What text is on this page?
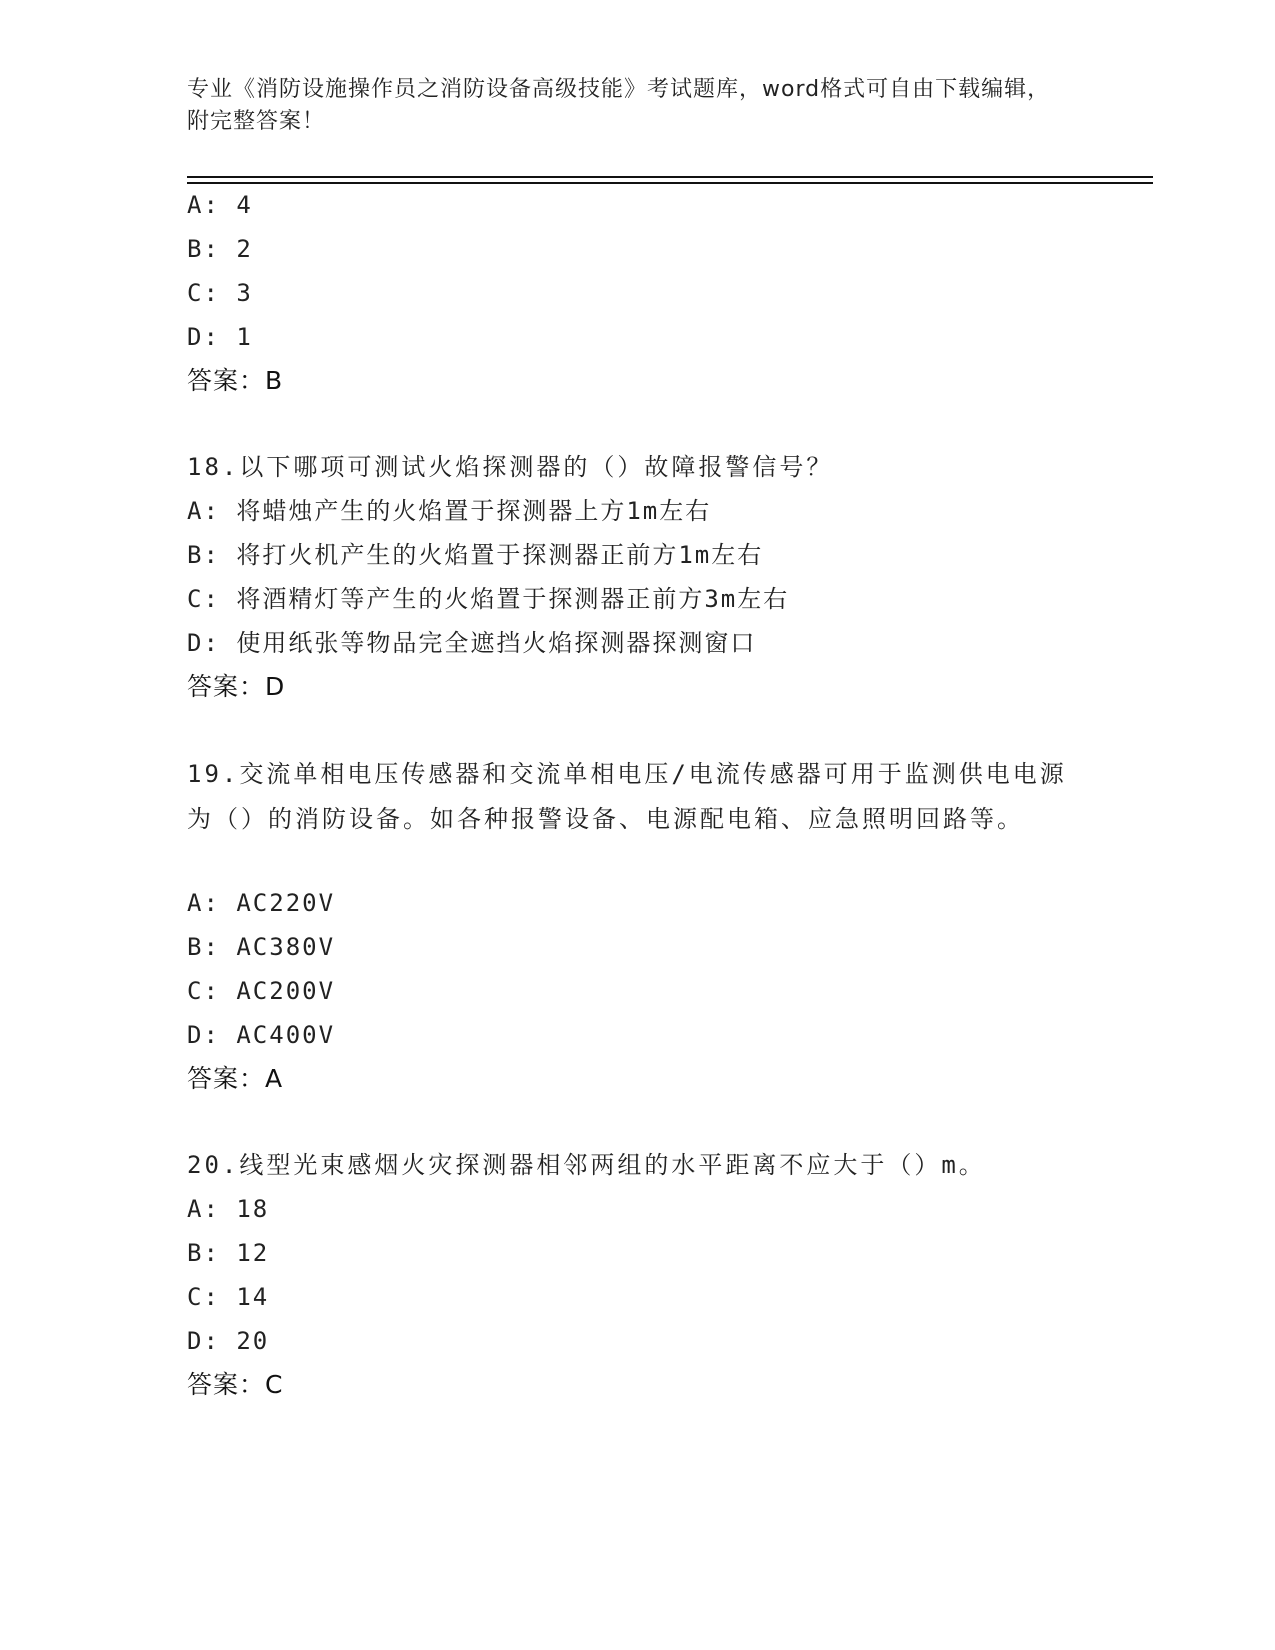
专业《消防设施操作员之消防设备高级技能》考试题库，word格式可自由下载编辑，附完整答案！
A: 4
B: 2
C: 3
D: 1
答案：B
18.以下哪项可测试火焰探测器的（）故障报警信号？
A: 将蜡烛产生的火焰置于探测器上方1m左右
B: 将打火机产生的火焰置于探测器正前方1m左右
C: 将酒精灯等产生的火焰置于探测器正前方3m左右
D: 使用纸张等物品完全遮挡火焰探测器探测窗口
答案：D
19.交流单相电压传感器和交流单相电压/电流传感器可用于监测供电电源为（）的消防设备。如各种报警设备、电源配电箱、应急照明回路等。
A: AC220V
B: AC380V
C: AC200V
D: AC400V
答案：A
20.线型光束感烟火灾探测器相邻两组的水平距离不应大于（）m。
A: 18
B: 12
C: 14
D: 20
答案：C
